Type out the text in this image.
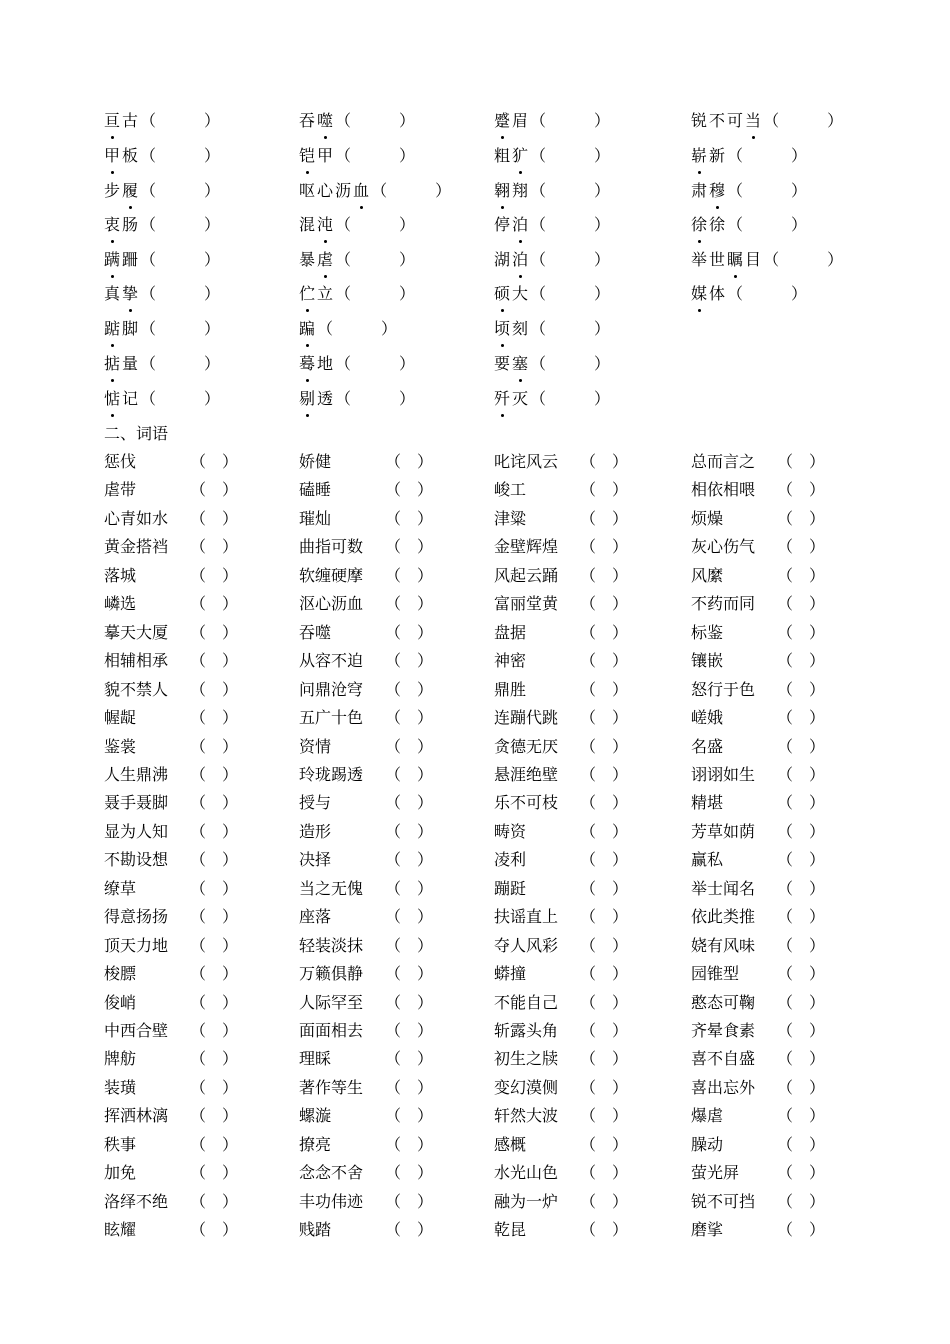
亘古（　　　）	吞噬（　　　）	蹙眉（　　　）	锐不可当（　　　）
甲板（　　　）	铠甲（　　　）	粗犷（　　　）	崭新（　　　）
步履（　　　）	呕心沥血（　　　）	翱翔（　　　）	肃穆（　　　）
衷肠（　　　）	混沌（　　　）	停泊（　　　）	徐徐（　　　）
蹒跚（　　　）	暴虐（　　　）	湖泊（　　　）	举世瞩目（　　　）
真挚（　　　）	伫立（　　　）	硕大（　　　）	媒体（　　　）
踮脚（　　　）	蹁（　　　）	顷刻（　　　）
掂量（　　　）	蓦地（　　　）	要塞（　　　）
惦记（　　　）	剔透（　　　）	歼灭（　　　）
二、词语
惩伐	（　）	娇健	（　）	叱诧风云 （　）	总而言之 （　）
虐带	（　）	磕睡	（　）	峻工	（　）	相依相喂 （　）
心青如水 （　）	璀灿	（　）	津粱	（　）	烦燥	（　）
黄金搭裆 （　）	曲指可数 （　）	金壁辉煌 （　）	灰心伤气 （　）
落城	（　）	软缠硬摩 （　）	风起云踊 （　）	风縻	（　）
嶙选	（　）	沤心沥血 （　）	富丽堂黄 （　）	不药而同 （　）
摹天大厦 （　）	吞噬	（　）	盘据	（　）	标鉴	（　）
相辅相承 （　）	从容不迫 （　）	神密	（　）	镶嵌	（　）
貌不禁人 （　）	问鼎沧穹 （　）	鼎胜	（　）	怒行于色 （　）
幄龊	（　）	五广十色 （　）	连蹦代跳 （　）	嵯娥	（　）
鉴裳	（　）	资情	（　）	贪德无厌 （　）	名盛	（　）
人生鼎沸 （　）	玲珑踢透 （　）	悬涯绝壁 （　）	诩诩如生 （　）
聂手聂脚 （　）	授与	（　）	乐不可枝 （　）	精堪	（　）
显为人知 （　）	造形	（　）	畴资	（　）	芳草如荫 （　）
不勘设想 （　）	决择	（　）	凌利	（　）	赢私	（　）
缭草	（　）	当之无傀 （　）	蹦跹	（　）	举士闻名 （　）
得意扬扬 （　）	座落	（　）	扶谣直上 （　）	依此类推 （　）
顶天力地 （　）	轻装淡抹 （　）	夺人风彩 （　）	娆有风味 （　）
梭膘	（　）	万籁俱静 （　）	蟒撞	（　）	园锥型 （　）
俊峭	（　）	人际罕至 （　）	不能自己 （　）	憨态可鞠 （　）
中西合壁 （　）	面面相去 （　）	斩露头角 （　）	齐晕食素 （　）
牌舫	（　）	理睬	（　）	初生之牍 （　）	喜不自盛 （　）
装璜	（　）	著作等生 （　）	变幻漠侧 （　）	喜出忘外 （　）
挥洒林漓 （　）	螺漩	（　）	轩然大波 （　）	爆虐	（　）
秩事	（　）	撩亮	（　）	感概	（　）	臊动	（　）
加免	（　）	念念不舍 （　）	水光山色 （　）	萤光屏 （　）
洛绎不绝 （　）	丰功伟迹 （　）	融为一炉 （　）	锐不可挡 （　）
眩耀	（　）	贱踏	（　）	乾昆	（　）	磨挲	（　）
